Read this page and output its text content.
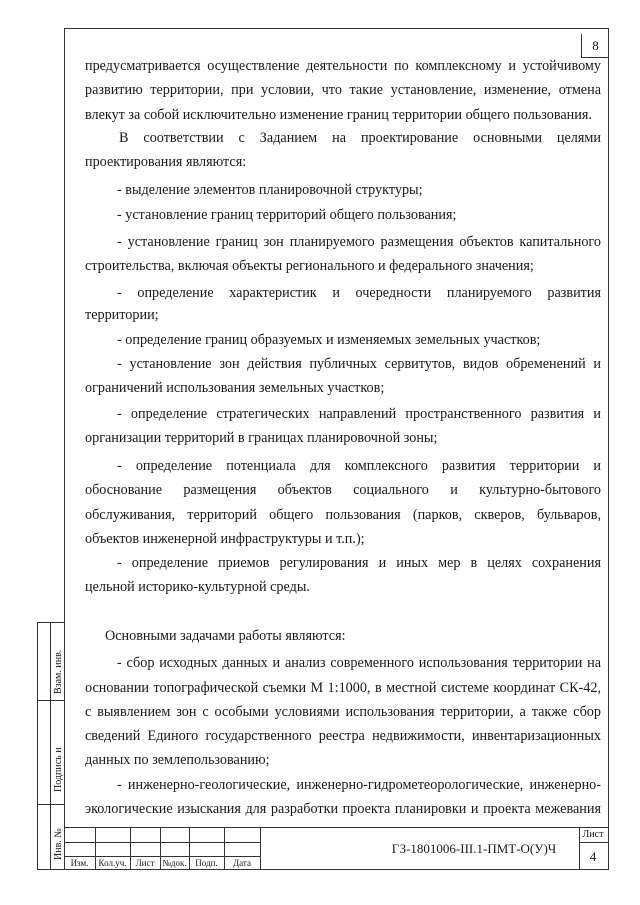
8
предусматривается осуществление деятельности по комплексному и устойчивому
развитию территории, при условии, что такие установление, изменение, отмена
влекут за собой исключительно изменение границ территории общего пользования.
В соответствии с Заданием на проектирование основными целями
проектирования являются:
- выделение элементов планировочной структуры;
- установление границ территорий общего пользования;
- установление границ зон планируемого размещения объектов капитального
строительства, включая объекты регионального и федерального значения;
- определение характеристик и очередности планируемого развития
территории;
- определение границ образуемых и изменяемых земельных участков;
- установление зон действия публичных сервитутов, видов обременений и
ограничений использования земельных участков;
- определение стратегических направлений пространственного развития и
организации территорий в границах планировочной зоны;
- определение потенциала для комплексного развития территории и
обоснование размещения объектов социального и культурно-бытового
обслуживания, территорий общего пользования (парков, скверов, бульваров,
объектов инженерной инфраструктуры и т.п.);
- определение приемов регулирования и иных мер в целях сохранения
цельной историко-культурной среды.
Основными задачами работы являются:
- сбор исходных данных и анализ современного использования территории на
основании топографической съемки М 1:1000, в местной системе координат СК-42,
с выявлением зон с особыми условиями использования территории, а также сбор
сведений Единого государственного реестра недвижимости, инвентаризационных
данных по землепользованию;
- инженерно-геологические, инженерно-гидрометеорологические, инженерно-
экологические изыскания для разработки проекта планировки и проекта межевания
Взам. инв.
Подпись и
Инв. №
Изм.	Кол.уч.	Лист №док. Подп.	Дата
ГЗ-1801006-III.1-ПМТ-О(У)Ч
Лист
4
